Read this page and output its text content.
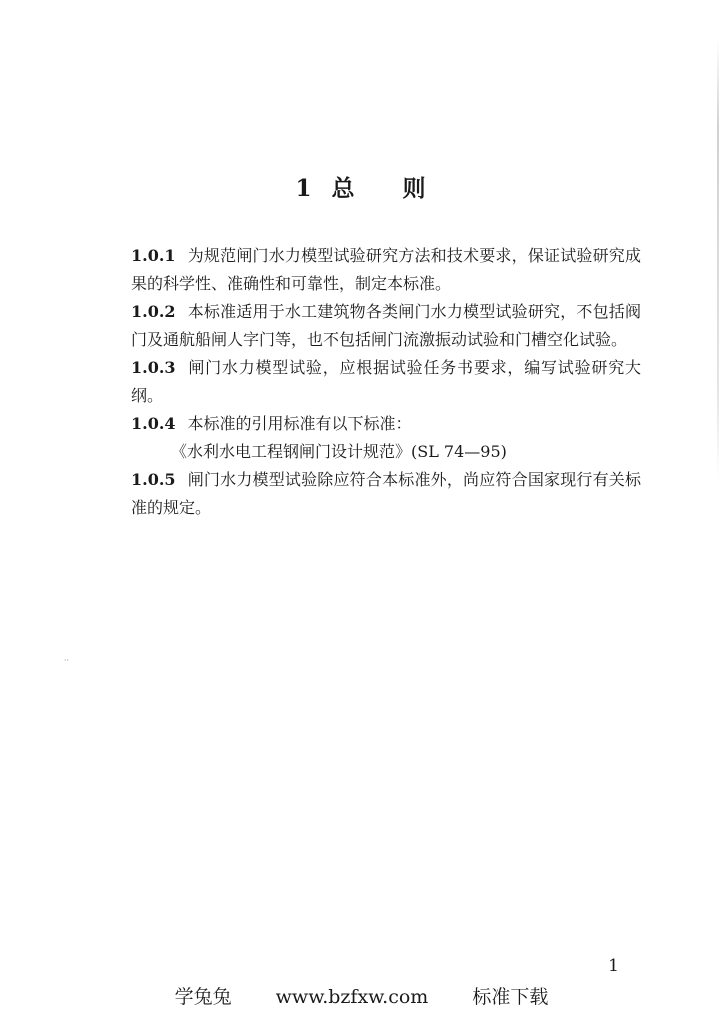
1 总 则

1.0.1 为规范闸门水力模型试验研究方法和技术要求，保证试验研究成果的科学性、准确性和可靠性，制定本标准。

1.0.2 本标准适用于水工建筑物各类闸门水力模型试验研究，不包括阀门及通航船闸人字门等，也不包括闸门流激振动试验和门槽空化试验。

1.0.3 闸门水力模型试验，应根据试验任务书要求，编写试验研究大纲。

1.0.4 本标准的引用标准有以下标准：

《水利水电工程钢闸门设计规范》(SL 74—95)

1.0.5 闸门水力模型试验除应符合本标准外，尚应符合国家现行有关标准的规定。

··
1
学兔兔 www.bzfxw.com 标准下载
